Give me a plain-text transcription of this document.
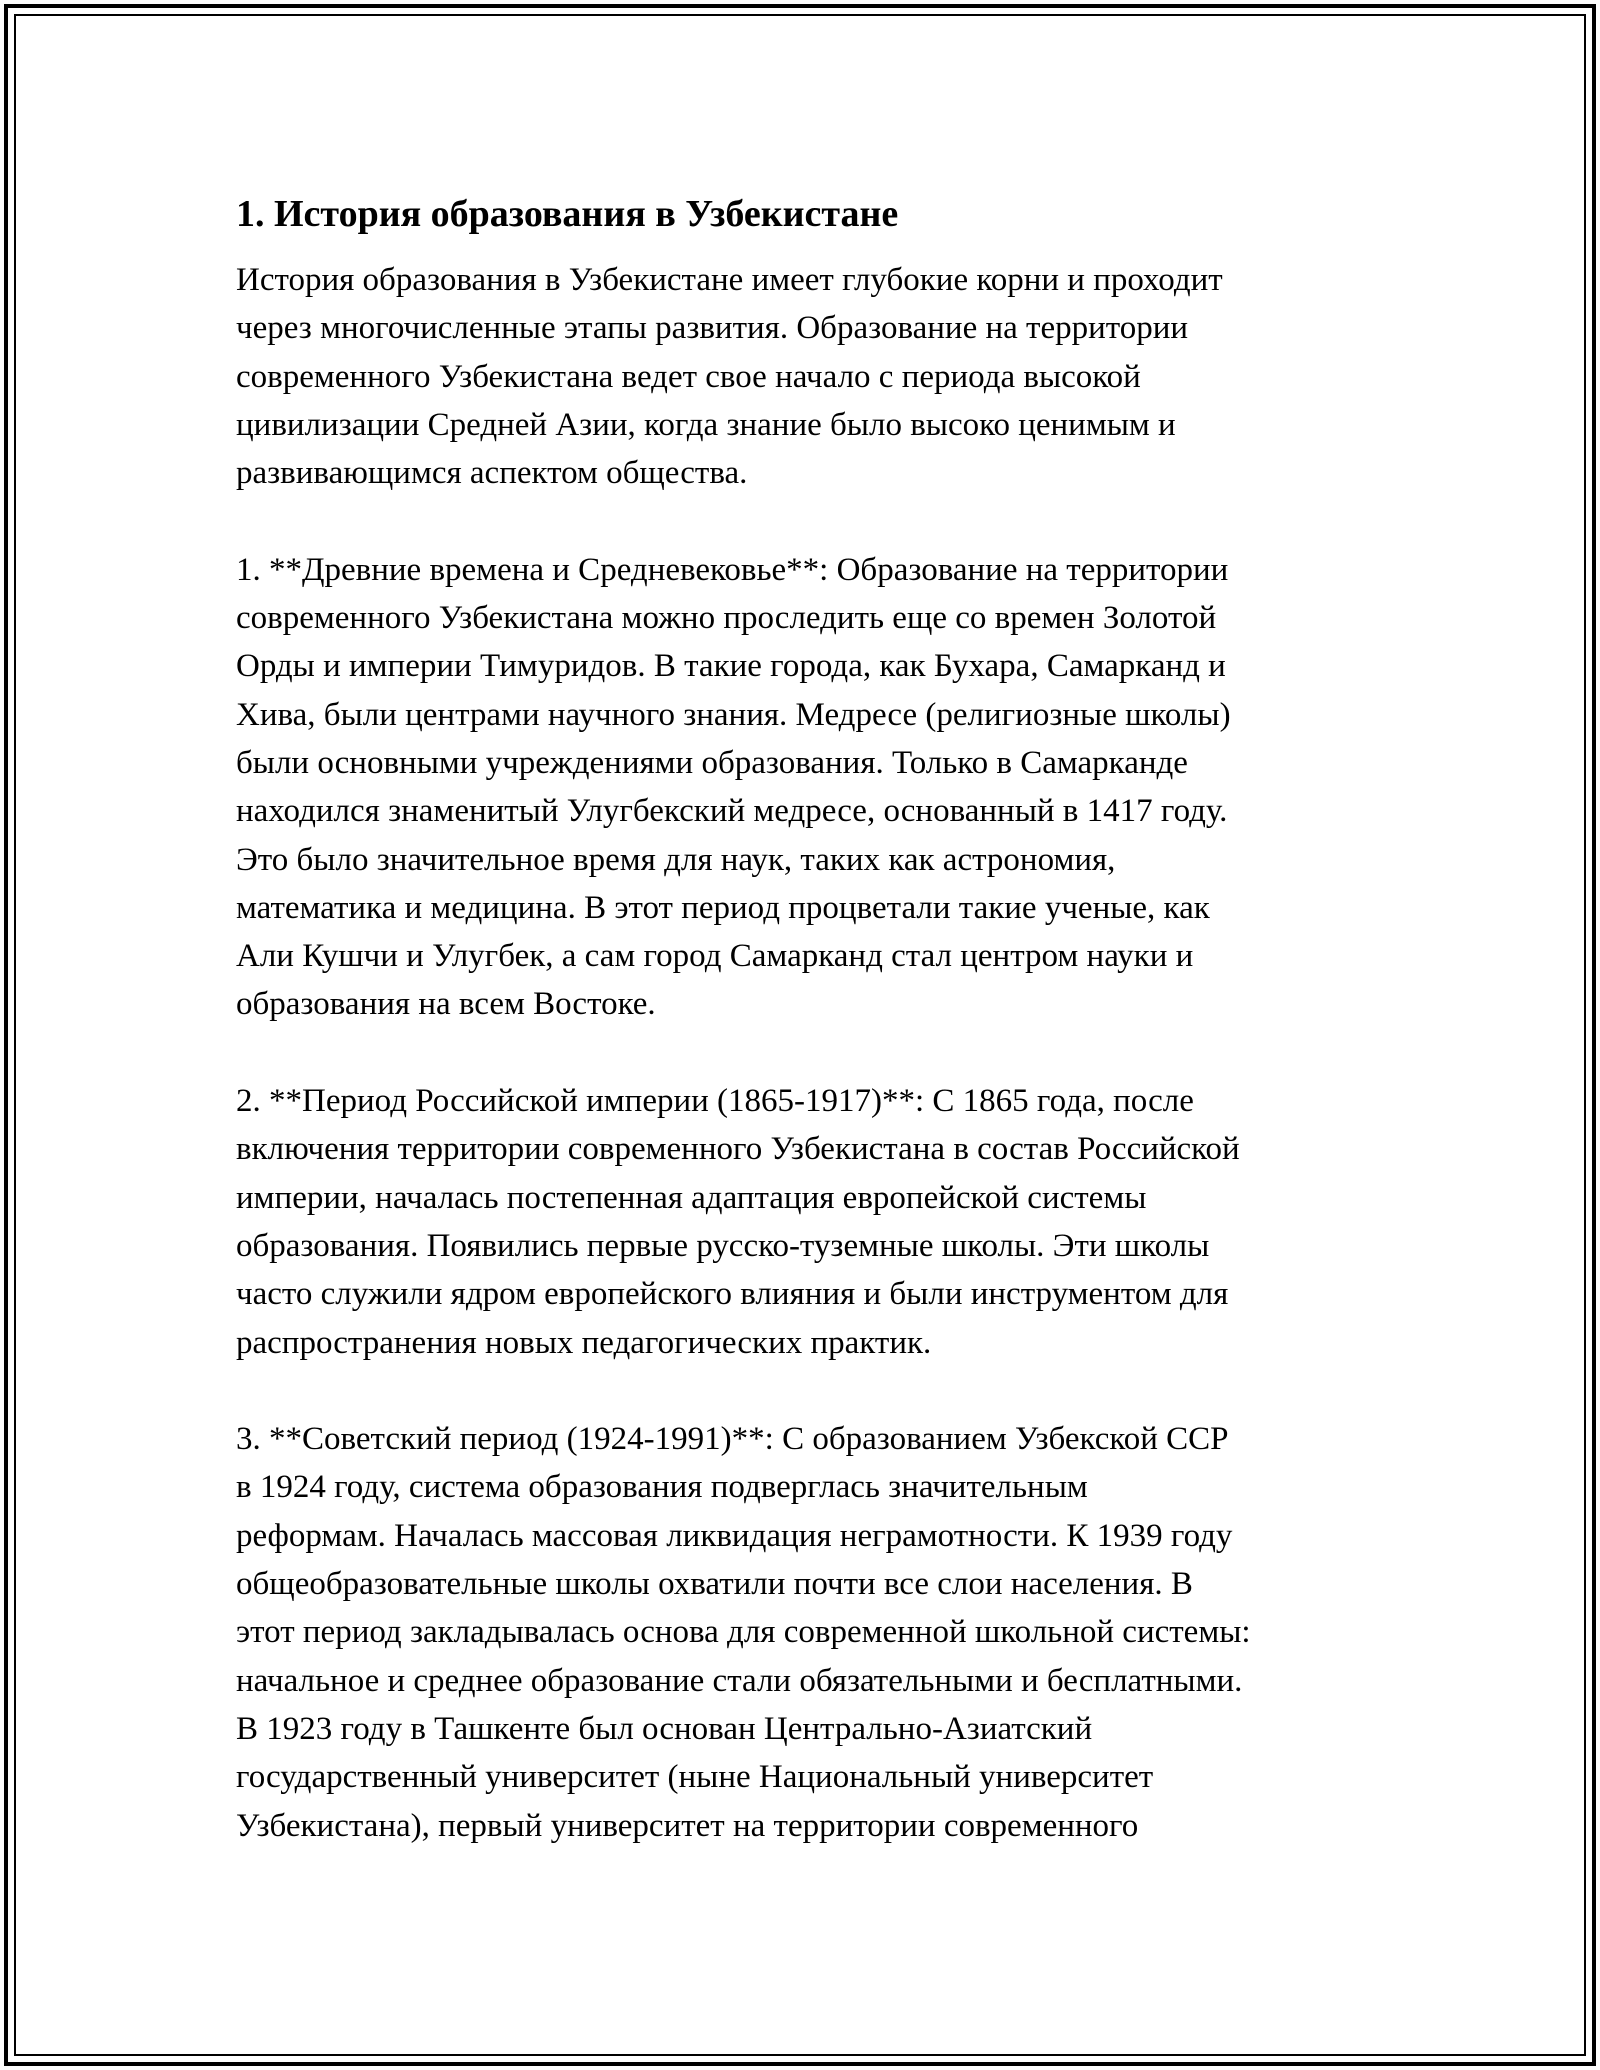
1. История образования в Узбекистане
История образования в Узбекистане имеет глубокие корни и проходит
через многочисленные этапы развития. Образование на территории
современного Узбекистана ведет свое начало с периода высокой
цивилизации Средней Азии, когда знание было высоко ценимым и
развивающимся аспектом общества.
1. **Древние времена и Средневековье**: Образование на территории
современного Узбекистана можно проследить еще со времен Золотой
Орды и империи Тимуридов. В такие города, как Бухара, Самарканд и
Хива, были центрами научного знания. Медресе (религиозные школы)
были основными учреждениями образования. Только в Самарканде
находился знаменитый Улугбекский медресе, основанный в 1417 году.
Это было значительное время для наук, таких как астрономия,
математика и медицина. В этот период процветали такие ученые, как
Али Кушчи и Улугбек, а сам город Самарканд стал центром науки и
образования на всем Востоке.
2. **Период Российской империи (1865-1917)**: С 1865 года, после
включения территории современного Узбекистана в состав Российской
империи, началась постепенная адаптация европейской системы
образования. Появились первые русско-туземные школы. Эти школы
часто служили ядром европейского влияния и были инструментом для
распространения новых педагогических практик.
3. **Советский период (1924-1991)**: С образованием Узбекской ССР
в 1924 году, система образования подверглась значительным
реформам. Началась массовая ликвидация неграмотности. К 1939 году
общеобразовательные школы охватили почти все слои населения. В
этот период закладывалась основа для современной школьной системы:
начальное и среднее образование стали обязательными и бесплатными.
В 1923 году в Ташкенте был основан Центрально-Азиатский
государственный университет (ныне Национальный университет
Узбекистана), первый университет на территории современного
